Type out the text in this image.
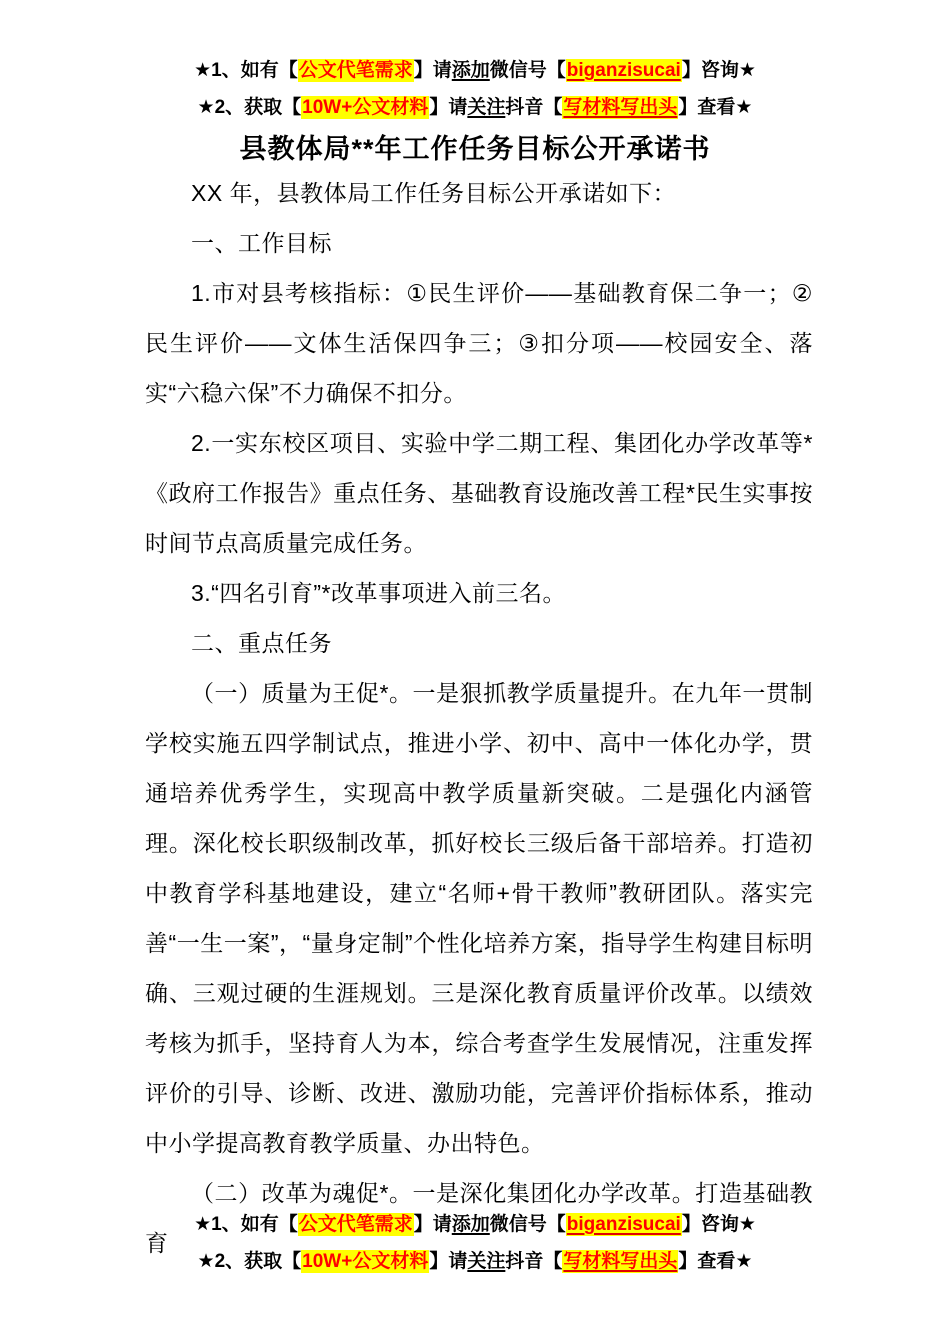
★1、如有【公文代笔需求】请添加微信号【biganzisucai】咨询★
★2、获取【10W+公文材料】请关注抖音【写材料写出头】查看★
县教体局**年工作任务目标公开承诺书

XX 年，县教体局工作任务目标公开承诺如下：

一、工作目标

1.市对县考核指标：①民生评价——基础教育保二争一；②民生评价——文体生活保四争三；③扣分项——校园安全、落实“六稳六保”不力确保不扣分。

2.一实东校区项目、实验中学二期工程、集团化办学改革等*《政府工作报告》重点任务、基础教育设施改善工程*民生实事按时间节点高质量完成任务。

3.“四名引育”*改革事项进入前三名。

二、重点任务

（一）质量为王促*。一是狠抓教学质量提升。在九年一贯制学校实施五四学制试点，推进小学、初中、高中一体化办学，贯通培养优秀学生，实现高中教学质量新突破。二是强化内涵管理。深化校长职级制改革，抓好校长三级后备干部培养。打造初中教育学科基地建设，建立“名师+骨干教师”教研团队。落实完善“一生一案”，“量身定制”个性化培养方案，指导学生构建目标明确、三观过硬的生涯规划。三是深化教育质量评价改革。以绩效考核为抓手，坚持育人为本，综合考查学生发展情况，注重发挥评价的引导、诊断、改进、激励功能，完善评价指标体系，推动中小学提高教育教学质量、办出特色。

（二）改革为魂促*。一是深化集团化办学改革。打造基础教育

★1、如有【公文代笔需求】请添加微信号【biganzisucai】咨询★
★2、获取【10W+公文材料】请关注抖音【写材料写出头】查看★
